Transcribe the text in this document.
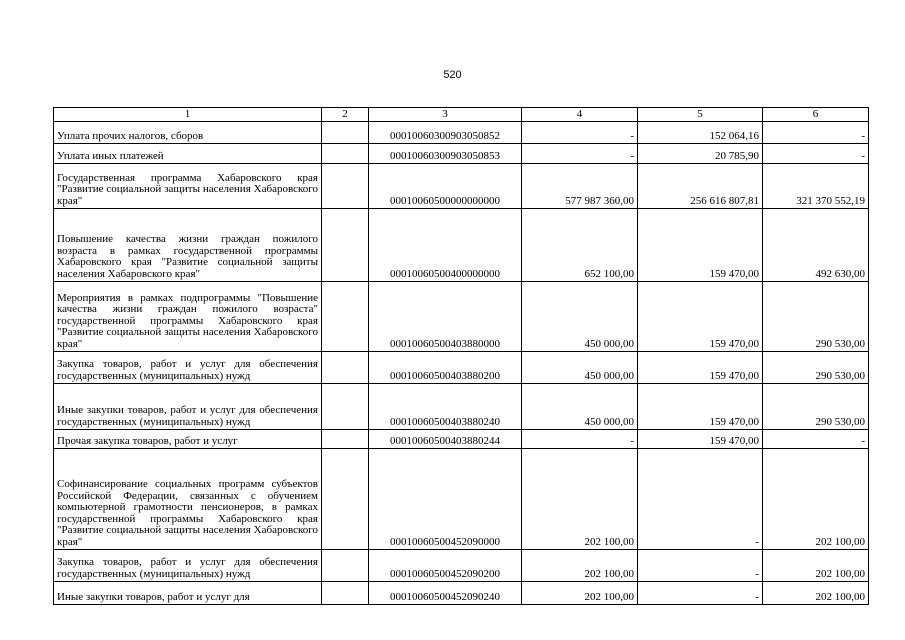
520
1	2	3	4	5	6
Уплата прочих налогов, сборов		00010060300903050852	-	152 064,16	-
Уплата иных платежей		00010060300903050853	-	20 785,90	-
Государственная программа Хабаровского края "Развитие социальной защиты населения Хабаровского края"		00010060500000000000	577 987 360,00	256 616 807,81	321 370 552,19
Повышение качества жизни граждан пожилого возраста в рамках государственной программы Хабаровского края "Развитие социальной защиты населения Хабаровского края"		00010060500400000000	652 100,00	159 470,00	492 630,00
Мероприятия в рамках подпрограммы "Повышение качества жизни граждан пожилого возраста" государственной программы Хабаровского края "Развитие социальной защиты населения Хабаровского края"		00010060500403880000	450 000,00	159 470,00	290 530,00
Закупка товаров, работ и услуг для обеспечения государственных (муниципальных) нужд		00010060500403880200	450 000,00	159 470,00	290 530,00
Иные закупки товаров, работ и услуг для обеспечения государственных (муниципальных) нужд		00010060500403880240	450 000,00	159 470,00	290 530,00
Прочая закупка товаров, работ и услуг		00010060500403880244	-	159 470,00	-
Софинансирование социальных программ субъектов Российской Федерации, связанных с обучением компьютерной грамотности пенсионеров, в рамках государственной программы Хабаровского края "Развитие социальной защиты населения Хабаровского края"		00010060500452090000	202 100,00	-	202 100,00
Закупка товаров, работ и услуг для обеспечения государственных (муниципальных) нужд		00010060500452090200	202 100,00	-	202 100,00
Иные закупки товаров, работ и услуг для		00010060500452090240	202 100,00	-	202 100,00
